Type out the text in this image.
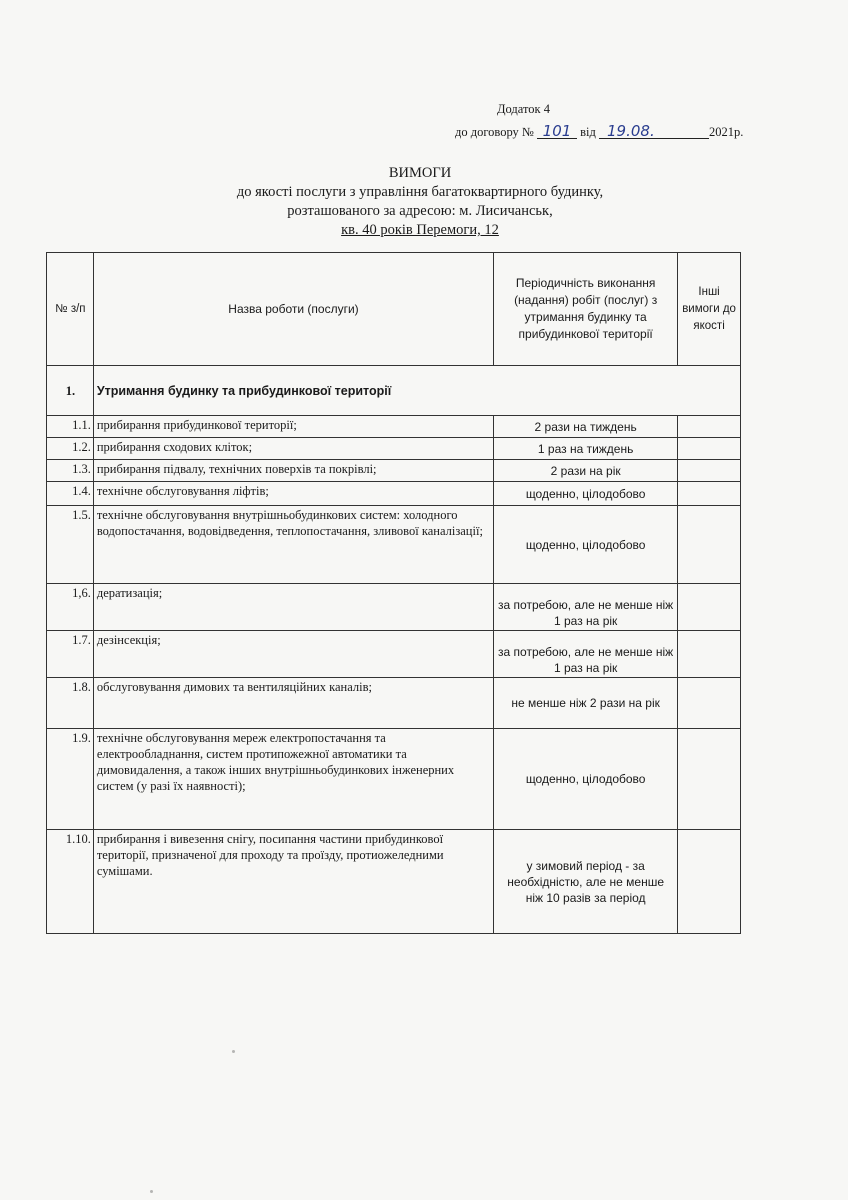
Додаток 4
до договору № 101 від 19.08.	2021р.
ВИМОГИ
до якості послуги з управління багатоквартирного будинку,
розташованого за адресою: м. Лисичанськ,
кв. 40 років Перемоги, 12
№ з/п	Назва роботи (послуги)	Періодичність виконання (надання) робіт (послуг) з утримання будинку та прибудинкової території	Інші вимоги до якості
1.	Утримання будинку та прибудинкової території		
1.1.	прибирання прибудинкової території;	2 рази на тиждень	
1.2.	прибирання сходових кліток;	1 раз на тиждень	
1.3.	прибирання підвалу, технічних поверхів та покрівлі;	2 рази на рік	
1.4.	технічне обслуговування ліфтів;	щоденно, цілодобово	
1.5.	технічне обслуговування внутрішньобудинкових систем: холодного водопостачання, водовідведення, теплопостачання, зливової каналізації;	щоденно, цілодобово	
1,6.	дератизація;	за потребою, але не менше ніж 1 раз на рік	
1.7.	дезінсекція;	за потребою, але не менше ніж 1 раз на рік	
1.8.	обслуговування димових та вентиляційних каналів;	не менше ніж 2 рази на рік	
1.9.	технічне обслуговування мереж електропостачання та електрообладнання, систем протипожежної автоматики та димовидалення, а також інших внутрішньобудинкових інженерних систем (у разі їх наявності);	щоденно, цілодобово	
1.10.	прибирання і вивезення снігу, посипання частини прибудинкової території, призначеної для проходу та проїзду, протиожеледними сумішами.	у зимовий період - за необхідністю, але не менше ніж 10 разів за період	
